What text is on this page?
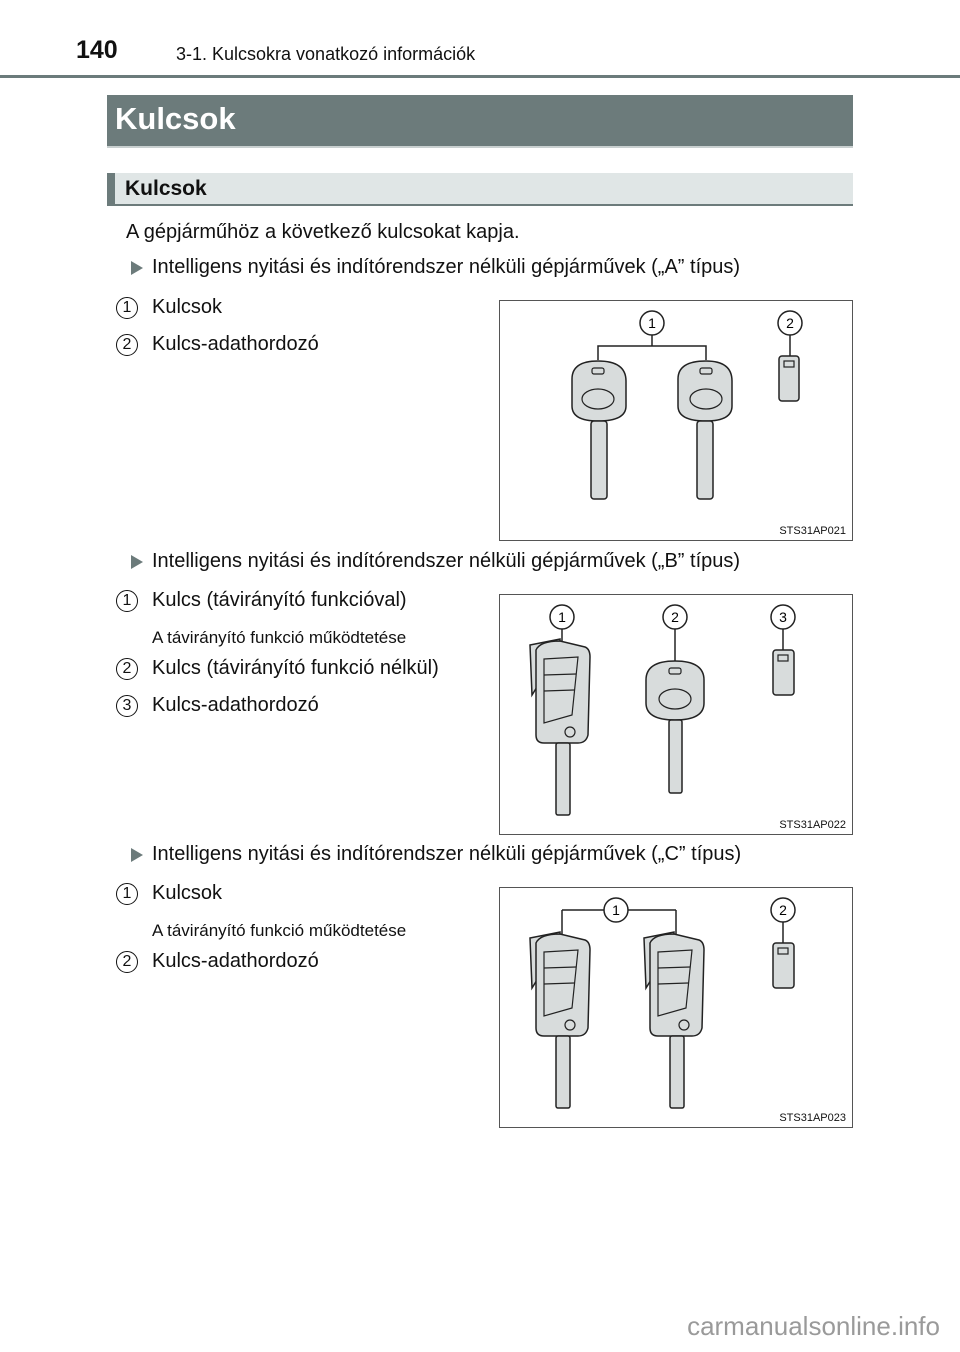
140	3-1. Kulcsokra vonatkozó információk
Kulcsok
Kulcsok
A gépjárműhöz a következő kulcsokat kapja.
Intelligens nyitási és indítórendszer nélküli gépjárművek („A” típus)
1	Kulcsok
2	Kulcs-adathordozó
1	2
STS31AP021
Intelligens nyitási és indítórendszer nélküli gépjárművek („B” típus)
1	Kulcs (távirányító funkcióval)
A távirányító funkció működtetése
2	Kulcs (távirányító funkció nélkül)
3	Kulcs-adathordozó
1	2	3
STS31AP022
Intelligens nyitási és indítórendszer nélküli gépjárművek („C” típus)
1	Kulcsok
A távirányító funkció működtetése
2	Kulcs-adathordozó
1	2
STS31AP023
carmanualsonline.info
